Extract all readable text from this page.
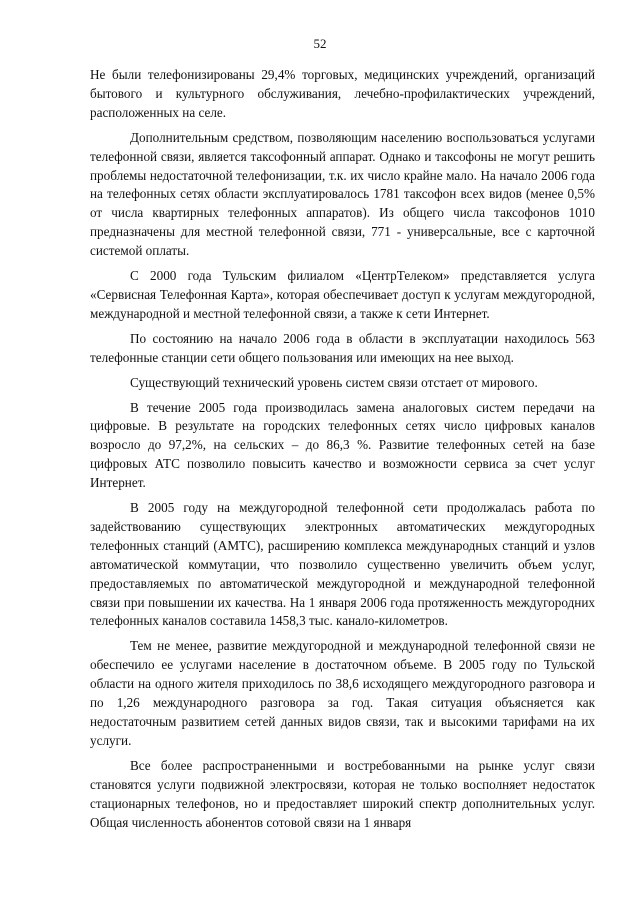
52

Не были телефонизированы 29,4% торговых, медицинских учреждений, организаций бытового и культурного обслуживания, лечебно-профилактических учреждений, расположенных на селе.

Дополнительным средством, позволяющим населению воспользоваться услугами телефонной связи, является таксофонный аппарат. Однако и таксофоны не могут решить проблемы недостаточной телефонизации, т.к. их число крайне мало. На начало 2006 года на телефонных сетях области эксплуатировалось 1781 таксофон всех видов (менее 0,5% от числа квартирных телефонных аппаратов). Из общего числа таксофонов 1010 предназначены для местной телефонной связи, 771 - универсальные, все с карточной системой оплаты.

С 2000 года Тульским филиалом «ЦентрТелеком» представляется услуга «Сервисная Телефонная Карта», которая обеспечивает доступ к услугам междугородной, международной и местной телефонной связи, а также к сети Интернет.

По состоянию на начало 2006 года в области в эксплуатации находилось 563 телефонные станции сети общего пользования или имеющих на нее выход.

Существующий технический уровень систем связи отстает от мирового.

В течение 2005 года производилась замена аналоговых систем передачи на цифровые. В результате на городских телефонных сетях число цифровых каналов возросло до 97,2%, на сельских – до 86,3 %. Развитие телефонных сетей на базе цифровых АТС позволило повысить качество и возможности сервиса за счет услуг Интернет.

В 2005 году на междугородной телефонной сети продолжалась работа по задействованию существующих электронных автоматических междугородных телефонных станций (АМТС), расширению комплекса международных станций и узлов автоматической коммутации, что позволило существенно увеличить объем услуг, предоставляемых по автоматической междугородной и международной телефонной связи при повышении их качества. На 1 января 2006 года протяженность междугородних телефонных каналов составила 1458,3 тыс. канало-километров.

Тем не менее, развитие междугородной и международной телефонной связи не обеспечило ее услугами население в достаточном объеме. В 2005 году по Тульской области на одного жителя приходилось по 38,6 исходящего междугородного разговора и по 1,26 международного разговора за год. Такая ситуация объясняется как недостаточным развитием сетей данных видов связи, так и высокими тарифами на их услуги.

Все более распространенными и востребованными на рынке услуг связи становятся услуги подвижной электросвязи, которая не только восполняет недостаток стационарных телефонов, но и предоставляет широкий спектр дополнительных услуг. Общая численность абонентов сотовой связи на 1 января
